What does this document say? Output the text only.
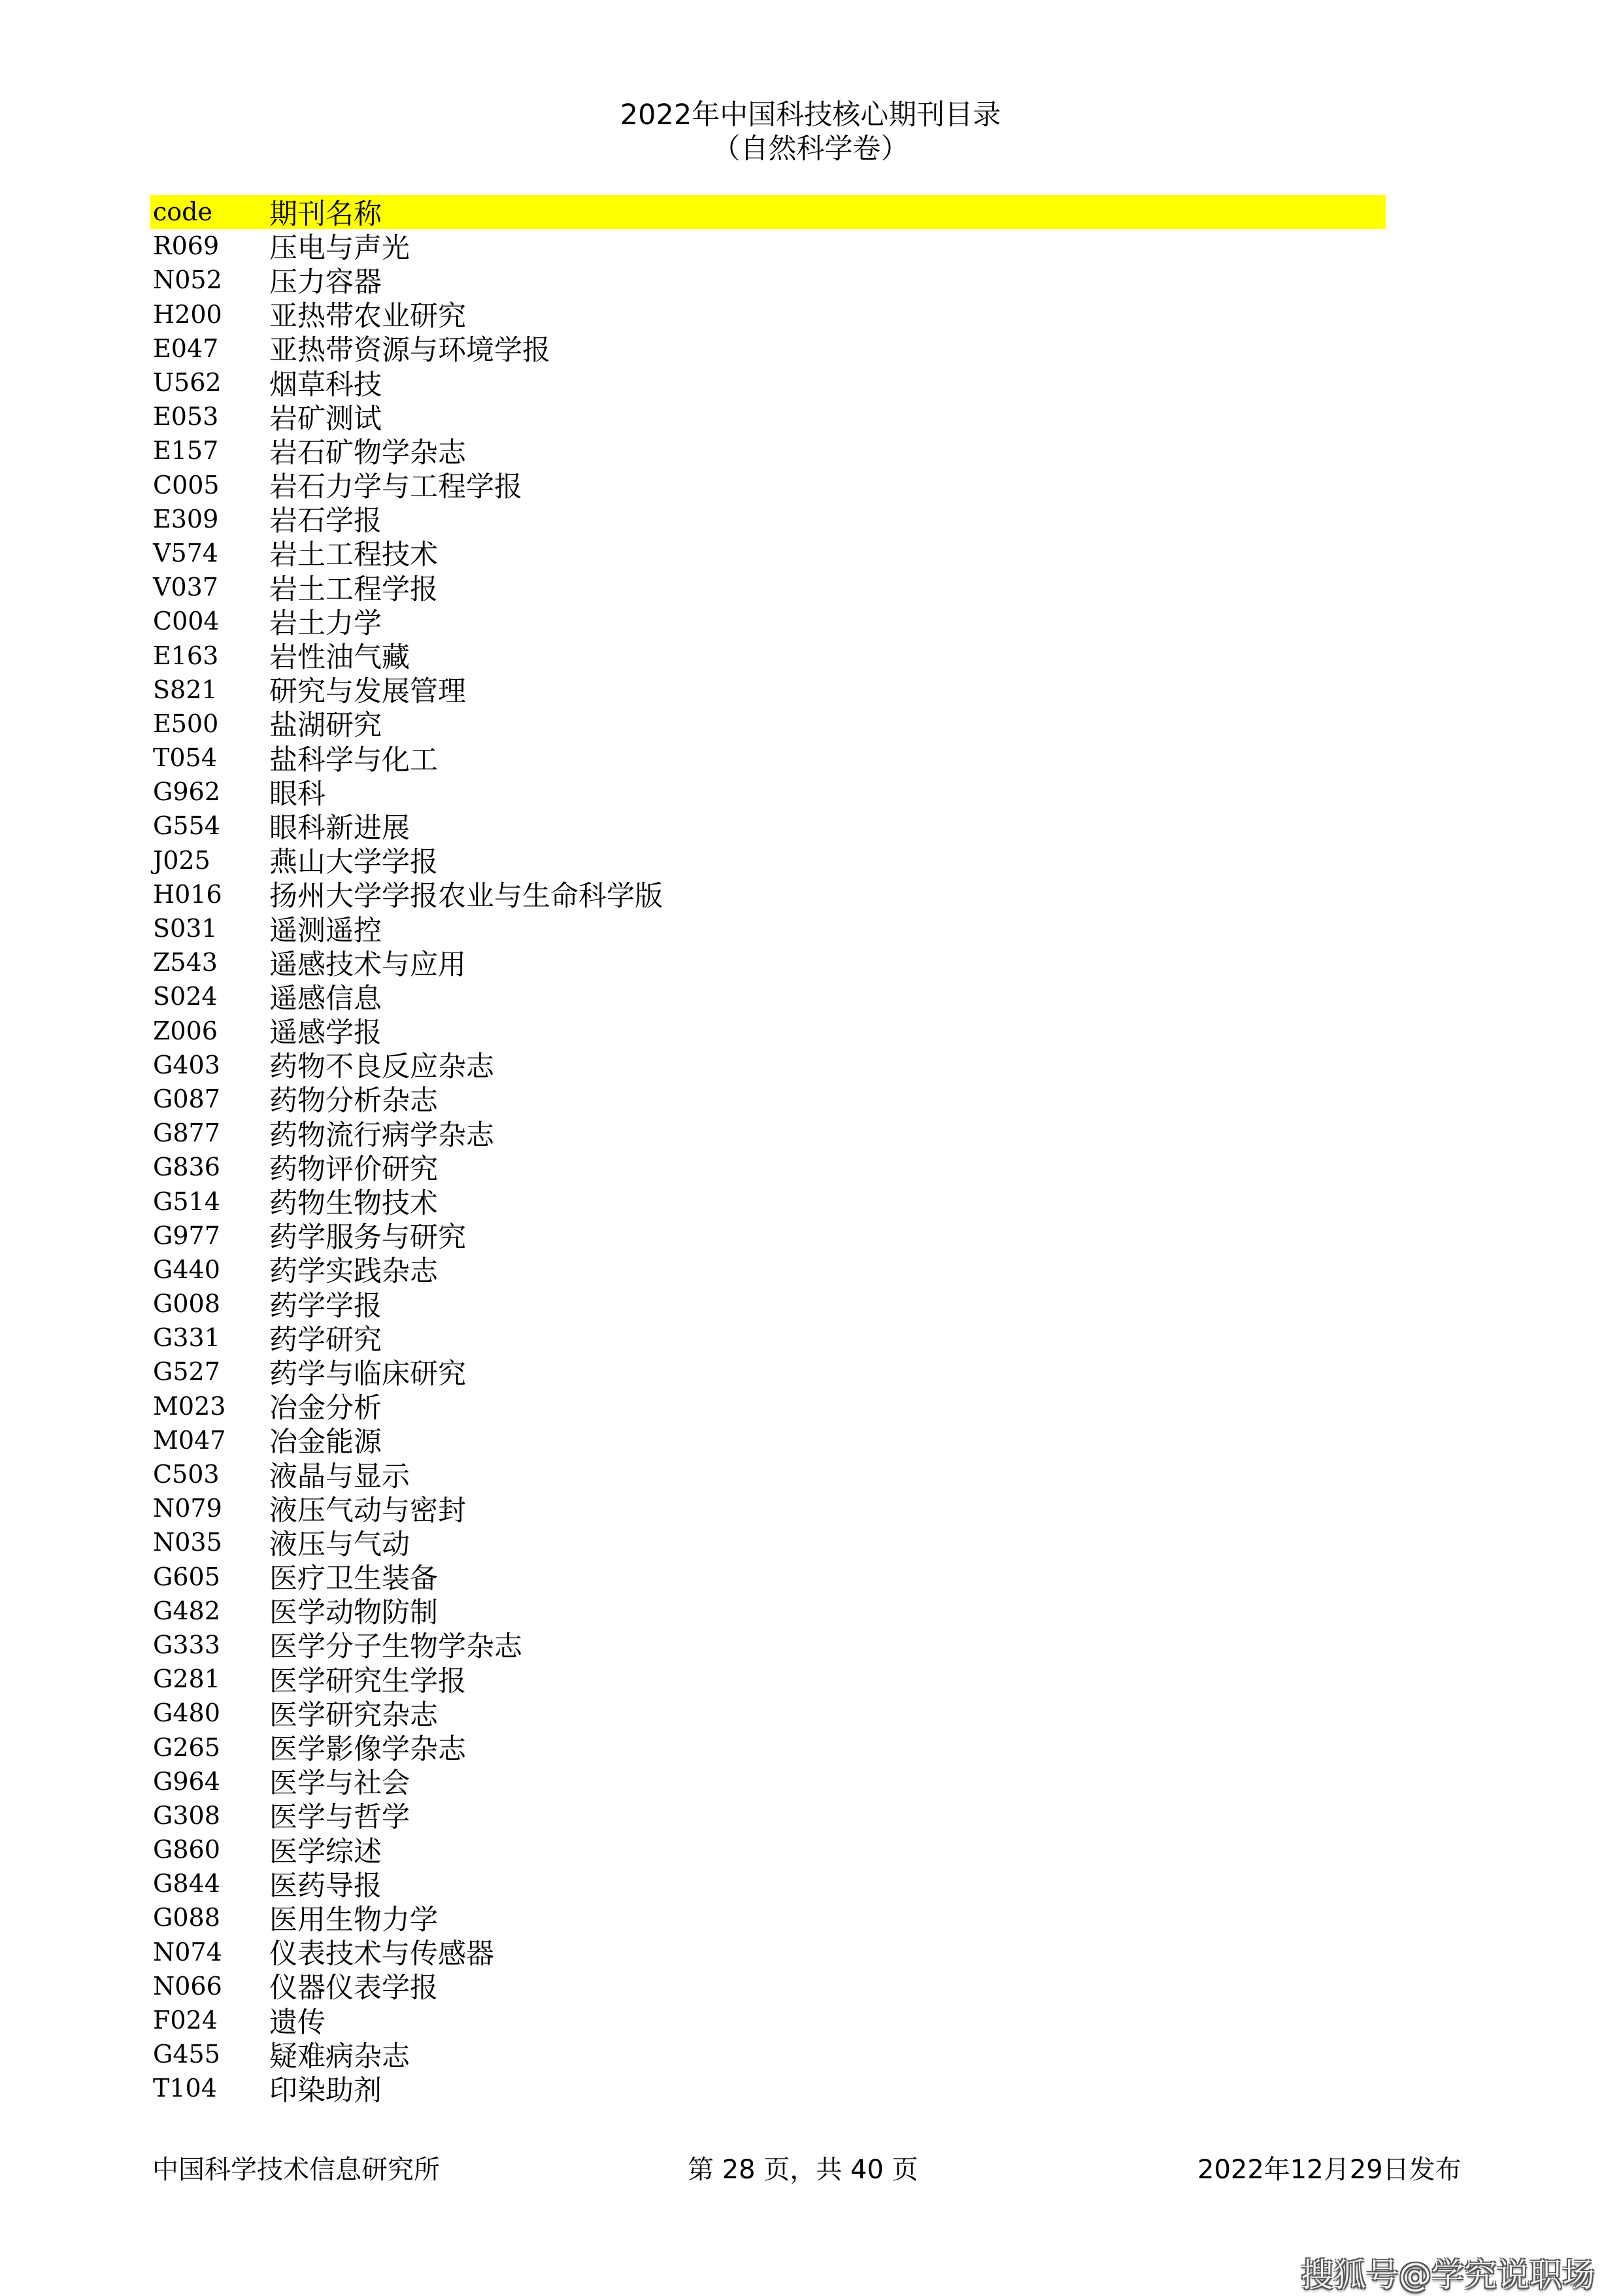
2022年中国科技核心期刊目录
（自然科学卷）
code	期刊名称
R069	压电与声光
N052	压力容器
H200	亚热带农业研究
E047	亚热带资源与环境学报
U562	烟草科技
E053	岩矿测试
E157	岩石矿物学杂志
C005	岩石力学与工程学报
E309	岩石学报
V574	岩土工程技术
V037	岩土工程学报
C004	岩土力学
E163	岩性油气藏
S821	研究与发展管理
E500	盐湖研究
T054	盐科学与化工
G962	眼科
G554	眼科新进展
J025	燕山大学学报
H016	扬州大学学报农业与生命科学版
S031	遥测遥控
Z543	遥感技术与应用
S024	遥感信息
Z006	遥感学报
G403	药物不良反应杂志
G087	药物分析杂志
G877	药物流行病学杂志
G836	药物评价研究
G514	药物生物技术
G977	药学服务与研究
G440	药学实践杂志
G008	药学学报
G331	药学研究
G527	药学与临床研究
M023	冶金分析
M047	冶金能源
C503	液晶与显示
N079	液压气动与密封
N035	液压与气动
G605	医疗卫生装备
G482	医学动物防制
G333	医学分子生物学杂志
G281	医学研究生学报
G480	医学研究杂志
G265	医学影像学杂志
G964	医学与社会
G308	医学与哲学
G860	医学综述
G844	医药导报
G088	医用生物力学
N074	仪表技术与传感器
N066	仪器仪表学报
F024	遗传
G455	疑难病杂志
T104	印染助剂
中国科学技术信息研究所	第 28 页，共 40 页	2022年12月29日发布
搜狐号@学究说职场
